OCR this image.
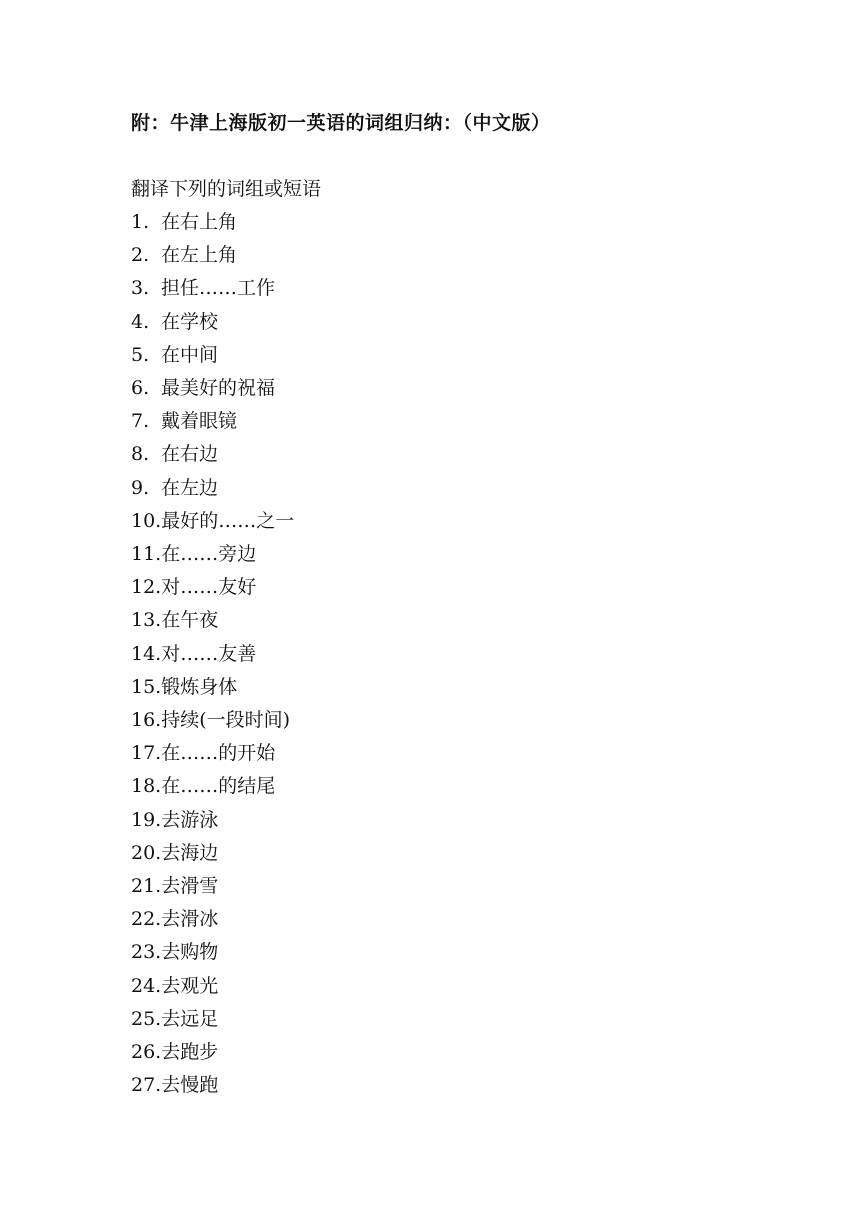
附：牛津上海版初一英语的词组归纳：（中文版）
翻译下列的词组或短语
1. 在右上角
2. 在左上角
3. 担任……工作
4. 在学校
5. 在中间
6. 最美好的祝福
7. 戴着眼镜
8. 在右边
9. 在左边
10. 最好的……之一
11. 在……旁边
12. 对……友好
13. 在午夜
14. 对……友善
15. 锻炼身体
16. 持续(一段时间)
17. 在……的开始
18. 在……的结尾
19. 去游泳
20. 去海边
21. 去滑雪
22. 去滑冰
23. 去购物
24. 去观光
25. 去远足
26. 去跑步
27. 去慢跑
